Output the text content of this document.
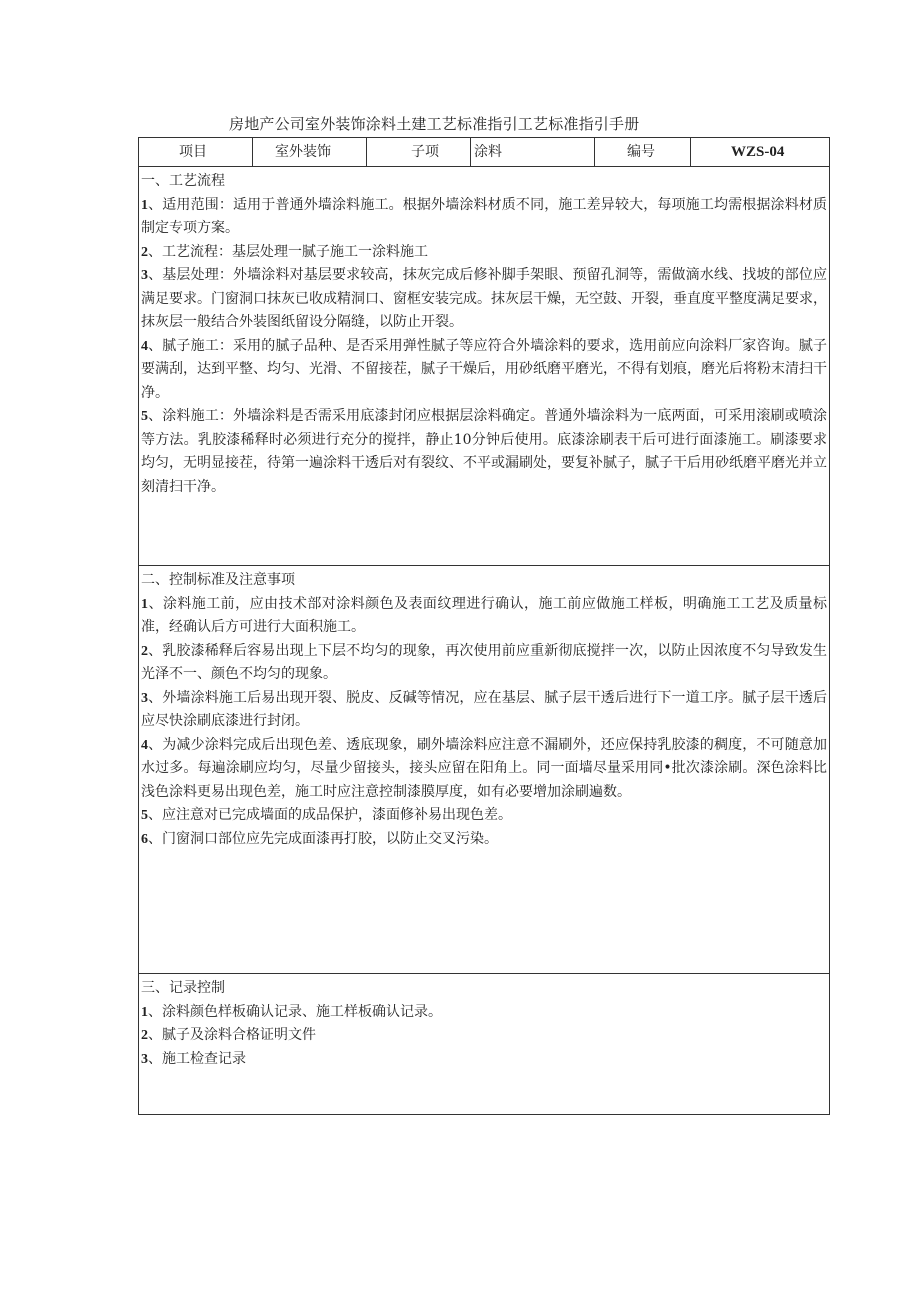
房地产公司室外装饰涂料土建工艺标准指引工艺标准指引手册
项目	室外装饰	子项	涂料	编号	WZS-04
一、工艺流程

1、适用范围：适用于普通外墙涂料施工。根据外墙涂料材质不同，施工差异较大，每项施工均需根据涂料材质制定专项方案。

2、工艺流程：基层处理一腻子施工一涂料施工

3、基层处理：外墙涂料对基层要求较高，抹灰完成后修补脚手架眼、预留孔洞等，需做滴水线、找坡的部位应满足要求。门窗洞口抹灰已收成精洞口、窗框安装完成。抹灰层干燥，无空鼓、开裂，垂直度平整度满足要求，抹灰层一般结合外装图纸留设分隔缝，以防止开裂。

4、腻子施工：采用的腻子品种、是否采用弹性腻子等应符合外墙涂料的要求，选用前应向涂料厂家咨询。腻子要满刮，达到平整、均匀、光滑、不留接茬，腻子干燥后，用砂纸磨平磨光，不得有划痕，磨光后将粉末清扫干净。

5、涂料施工：外墙涂料是否需采用底漆封闭应根据层涂料确定。普通外墙涂料为一底两面，可采用滚刷或喷涂等方法。乳胶漆稀释时必须进行充分的搅拌，静止10分钟后使用。底漆涂刷表干后可进行面漆施工。刷漆要求均匀，无明显接茬，待第一遍涂料干透后对有裂纹、不平或漏刷处，要复补腻子，腻子干后用砂纸磨平磨光并立刻清扫干净。

二、控制标准及注意事项

1、涂料施工前，应由技术部对涂料颜色及表面纹理进行确认，施工前应做施工样板，明确施工工艺及质量标准，经确认后方可进行大面积施工。

2、乳胶漆稀释后容易出现上下层不均匀的现象，再次使用前应重新彻底搅拌一次，以防止因浓度不匀导致发生光泽不一、颜色不均匀的现象。

3、外墙涂料施工后易出现开裂、脱皮、反碱等情况，应在基层、腻子层干透后进行下一道工序。腻子层干透后应尽快涂刷底漆进行封闭。

4、为减少涂料完成后出现色差、透底现象，刷外墙涂料应注意不漏刷外，还应保持乳胶漆的稠度，不可随意加水过多。每遍涂刷应均匀，尽量少留接头，接头应留在阳角上。同一面墙尽量采用同•批次漆涂刷。深色涂料比浅色涂料更易出现色差，施工时应注意控制漆膜厚度，如有必要增加涂刷遍数。

5、应注意对已完成墙面的成品保护，漆面修补易出现色差。

6、门窗洞口部位应先完成面漆再打胶，以防止交叉污染。

三、记录控制

1、涂料颜色样板确认记录、施工样板确认记录。

2、腻子及涂料合格证明文件

3、施工检查记录
